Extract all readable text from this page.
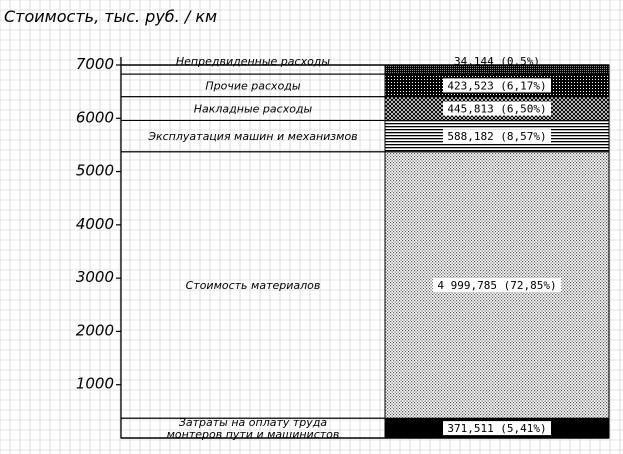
Стоимость, тыс. руб. / км
1000
2000
3000
4000
5000
6000
7000
371,511 (5,41%)
Затраты на оплату труда
монтеров пути и машинистов
4 999,785 (72,85%)
Стоимость материалов
588,182 (8,57%)
Эксплуатация машин и механизмов
445,813 (6,50%)
Накладные расходы
423,523 (6,17%)
Прочие расходы
34,144 (0,5%)
Непредвиденные расходы
